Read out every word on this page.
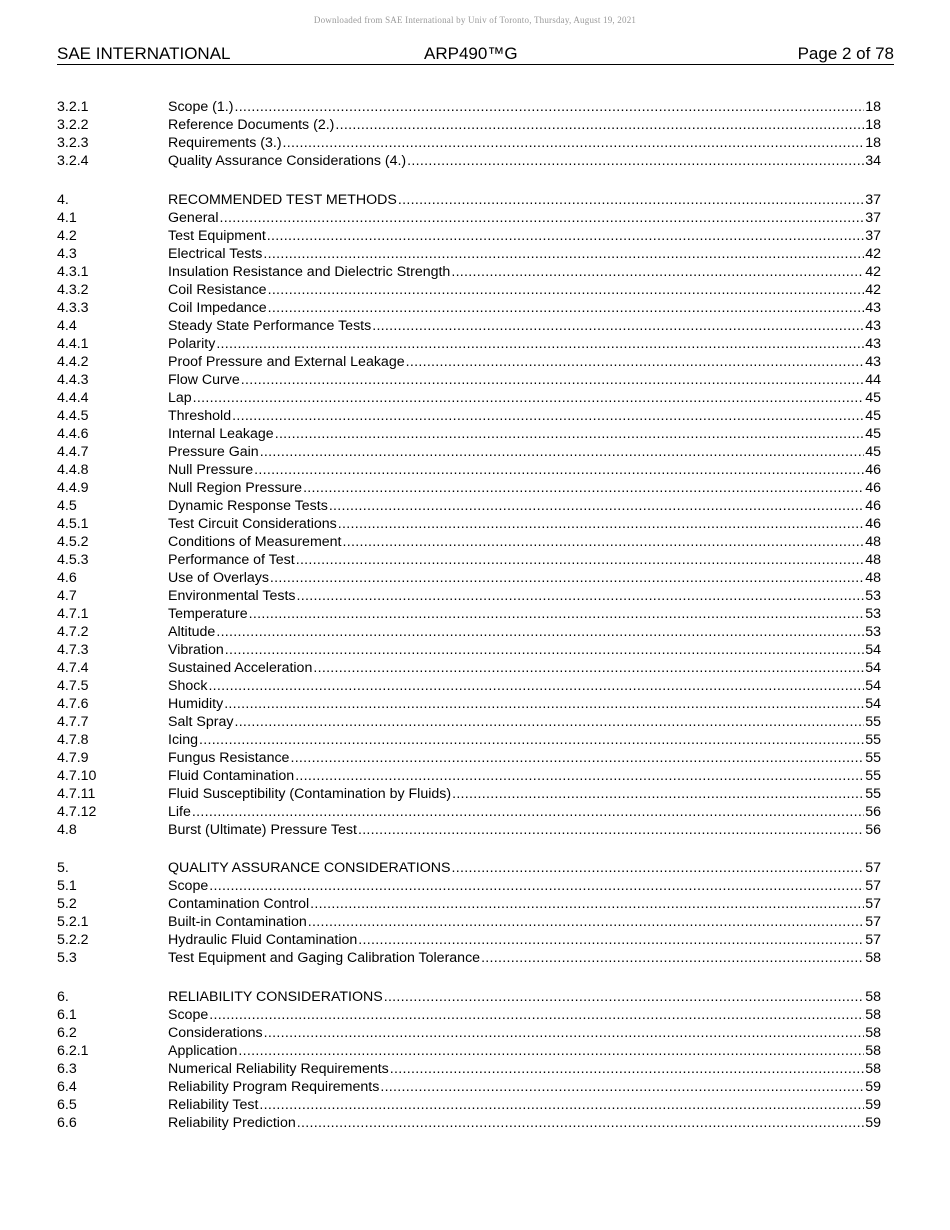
Downloaded from SAE International by Univ of Toronto, Thursday, August 19, 2021
SAE INTERNATIONAL	ARP490™G	Page 2 of 78
3.2.1	Scope (1.) .....	18
3.2.2	Reference Documents (2.) .....	18
3.2.3	Requirements (3.) .....	18
3.2.4	Quality Assurance Considerations (4.) .....	34
4.	RECOMMENDED TEST METHODS .....	37
4.1	General .....	37
4.2	Test Equipment .....	37
4.3	Electrical Tests .....	42
4.3.1	Insulation Resistance and Dielectric Strength .....	42
4.3.2	Coil Resistance .....	42
4.3.3	Coil Impedance .....	43
4.4	Steady State Performance Tests .....	43
4.4.1	Polarity .....	43
4.4.2	Proof Pressure and External Leakage .....	43
4.4.3	Flow Curve .....	44
4.4.4	Lap .....	45
4.4.5	Threshold .....	45
4.4.6	Internal Leakage .....	45
4.4.7	Pressure Gain .....	45
4.4.8	Null Pressure .....	46
4.4.9	Null Region Pressure .....	46
4.5	Dynamic Response Tests .....	46
4.5.1	Test Circuit Considerations .....	46
4.5.2	Conditions of Measurement .....	48
4.5.3	Performance of Test .....	48
4.6	Use of Overlays .....	48
4.7	Environmental Tests .....	53
4.7.1	Temperature .....	53
4.7.2	Altitude .....	53
4.7.3	Vibration .....	54
4.7.4	Sustained Acceleration .....	54
4.7.5	Shock .....	54
4.7.6	Humidity .....	54
4.7.7	Salt Spray .....	55
4.7.8	Icing .....	55
4.7.9	Fungus Resistance .....	55
4.7.10	Fluid Contamination .....	55
4.7.11	Fluid Susceptibility (Contamination by Fluids) .....	55
4.7.12	Life .....	56
4.8	Burst (Ultimate) Pressure Test .....	56
5.	QUALITY ASSURANCE CONSIDERATIONS .....	57
5.1	Scope .....	57
5.2	Contamination Control .....	57
5.2.1	Built-in Contamination .....	57
5.2.2	Hydraulic Fluid Contamination .....	57
5.3	Test Equipment and Gaging Calibration Tolerance .....	58
6.	RELIABILITY CONSIDERATIONS .....	58
6.1	Scope .....	58
6.2	Considerations .....	58
6.2.1	Application .....	58
6.3	Numerical Reliability Requirements .....	58
6.4	Reliability Program Requirements .....	59
6.5	Reliability Test .....	59
6.6	Reliability Prediction .....	59
